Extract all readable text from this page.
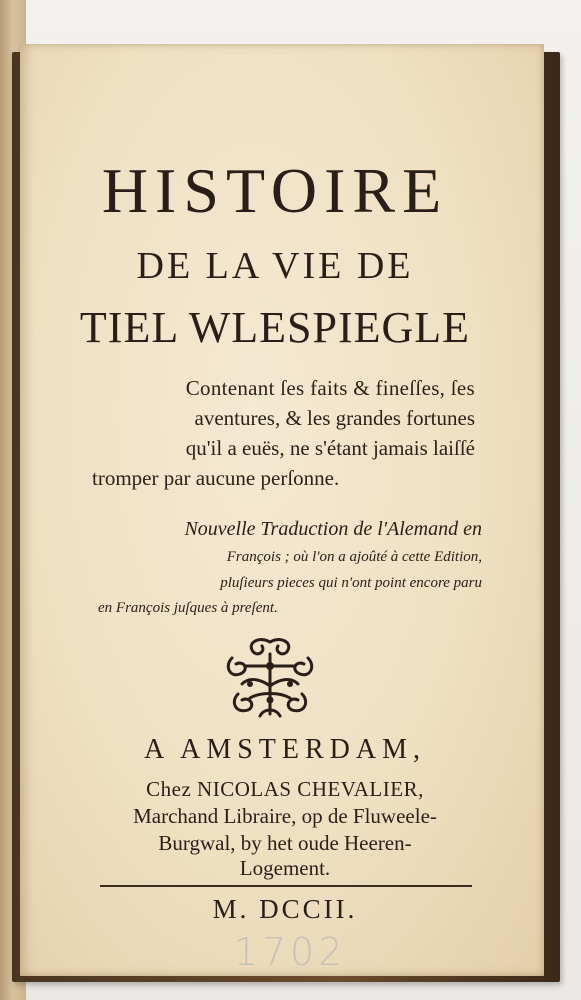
HISTOIRE
DE LA VIE DE
TIEL WLESPIEGLE
Contenant ſes faits & fineſſes, ſes
aventures, & les grandes fortunes
qu'il a euës, ne s'étant jamais laiſſé
tromper par aucune perſonne.
Nouvelle Traduction de l'Alemand en
François ; où l'on a ajoûté à cette Edition,
pluſieurs pieces qui n'ont point encore paru
en François juſques à preſent.
A AMSTERDAM,
Chez NICOLAS CHEVALIER,
Marchand Libraire, op de Fluweele-
Burgwal, by het oude Heeren-
Logement.
M. DCCII.
1702
